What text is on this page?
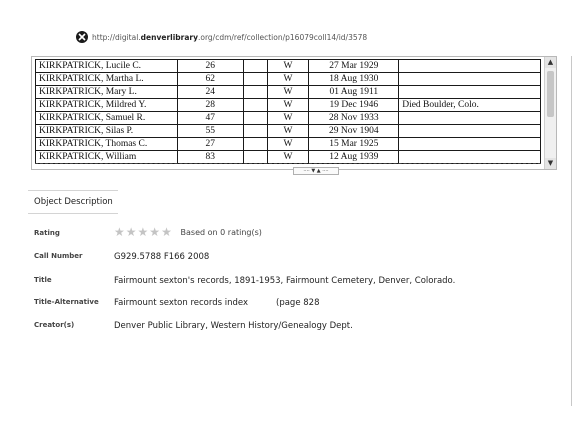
http://digital.denverlibrary.org/cdm/ref/collection/p16079coll14/id/3578
KIRKPATRICK, Lucile C.	26		W	27 Mar 1929	
KIRKPATRICK, Martha L.	62		W	18 Aug 1930	
KIRKPATRICK, Mary L.	24		W	01 Aug 1911	
KIRKPATRICK, Mildred Y.	28		W	19 Dec 1946	Died Boulder, Colo.
KIRKPATRICK, Samuel R.	47		W	28 Nov 1933	
KIRKPATRICK, Silas P.	55		W	29 Nov 1904	
KIRKPATRICK, Thomas C.	27		W	15 Mar 1925	
KIRKPATRICK, William	83		W	12 Aug 1939	
▲
▼
···· ▼ ▲ ····
Object Description
Rating	★ ★ ★ ★ ★ Based on 0 rating(s)
Call Number	G929.5788 F166 2008
Title	Fairmount sexton's records, 1891-1953, Fairmount Cemetery, Denver, Colorado.
Title-Alternative	Fairmount sexton records index	(page 828
Creator(s)	Denver Public Library, Western History/Genealogy Dept.
